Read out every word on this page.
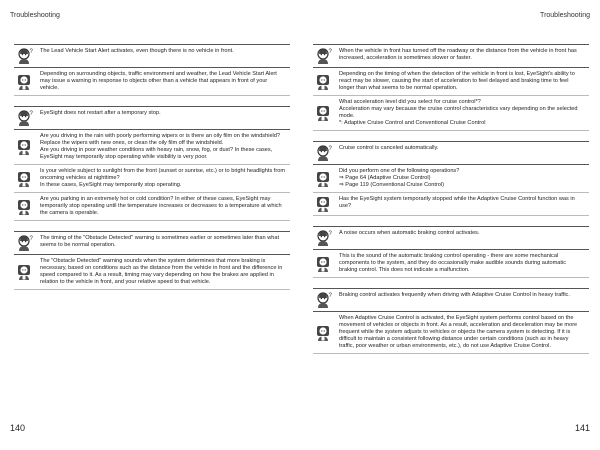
Troubleshooting	Troubleshooting
? The Lead Vehicle Start Alert activates, even though there is no vehicle in front.

Depending on surrounding objects, traffic environment and weather, the Lead Vehicle Start Alert may issue a warning in response to objects other than a vehicle that appears in front of your vehicle.

? EyeSight does not restart after a temporary stop.

Are you driving in the rain with poorly performing wipers or is there an oily film on the windshield?

Replace the wipers with new ones, or clean the oily film off the windshield.

Are you driving in poor weather conditions with heavy rain, snow, fog, or dust? In these cases, EyeSight may temporarily stop operating while visibility is very poor.

Is your vehicle subject to sunlight from the front (sunset or sunrise, etc.) or to bright headlights from oncoming vehicles at nighttime?

In these cases, EyeSight may temporarily stop operating.

Are you parking in an extremely hot or cold condition? In either of these cases, EyeSight may temporarily stop operating until the temperature increases or decreases to a temperature at which the camera is operable.

? The timing of the "Obstacle Detected" warning is sometimes earlier or sometimes later than what seems to be normal operation.

The "Obstacle Detected" warning sounds when the system determines that more braking is necessary, based on conditions such as the distance from the vehicle in front and the difference in speed compared to it. As a result, timing may vary depending on how the brakes are applied in relation to the vehicle in front, and your relative speed to that vehicle.

? When the vehicle in front has turned off the roadway or the distance from the vehicle in front has increased, acceleration is sometimes slower or faster.

Depending on the timing of when the detection of the vehicle in front is lost, EyeSight's ability to react may be slower, causing the start of acceleration to feel delayed and braking time to feel longer than what seems to be normal operation.

What acceleration level did you select for cruise control*?

Acceleration may vary because the cruise control characteristics vary depending on the selected mode.

*: Adaptive Cruise Control and Conventional Cruise Control

? Cruise control is canceled automatically.

Did you perform one of the following operations?

⇒ Page 64 (Adaptive Cruise Control)

⇒ Page 119 (Conventional Cruise Control)

Has the EyeSight system temporarily stopped while the Adaptive Cruise Control function was in use?

? A noise occurs when automatic braking control activates.

This is the sound of the automatic braking control operating - there are some mechanical components to the system, and they do occasionally make audible sounds during automatic braking control. This does not indicate a malfunction.

? Braking control activates frequently when driving with Adaptive Cruise Control in heavy traffic.

When Adaptive Cruise Control is activated, the EyeSight system performs control based on the movement of vehicles or objects in front. As a result, acceleration and deceleration may be more frequent while the system adjusts to vehicles or objects the camera system is detecting. If it is difficult to maintain a consistent following distance under certain conditions (such as in heavy traffic, poor weather or urban environments, etc.), do not use Adaptive Cruise Control.

140	141
